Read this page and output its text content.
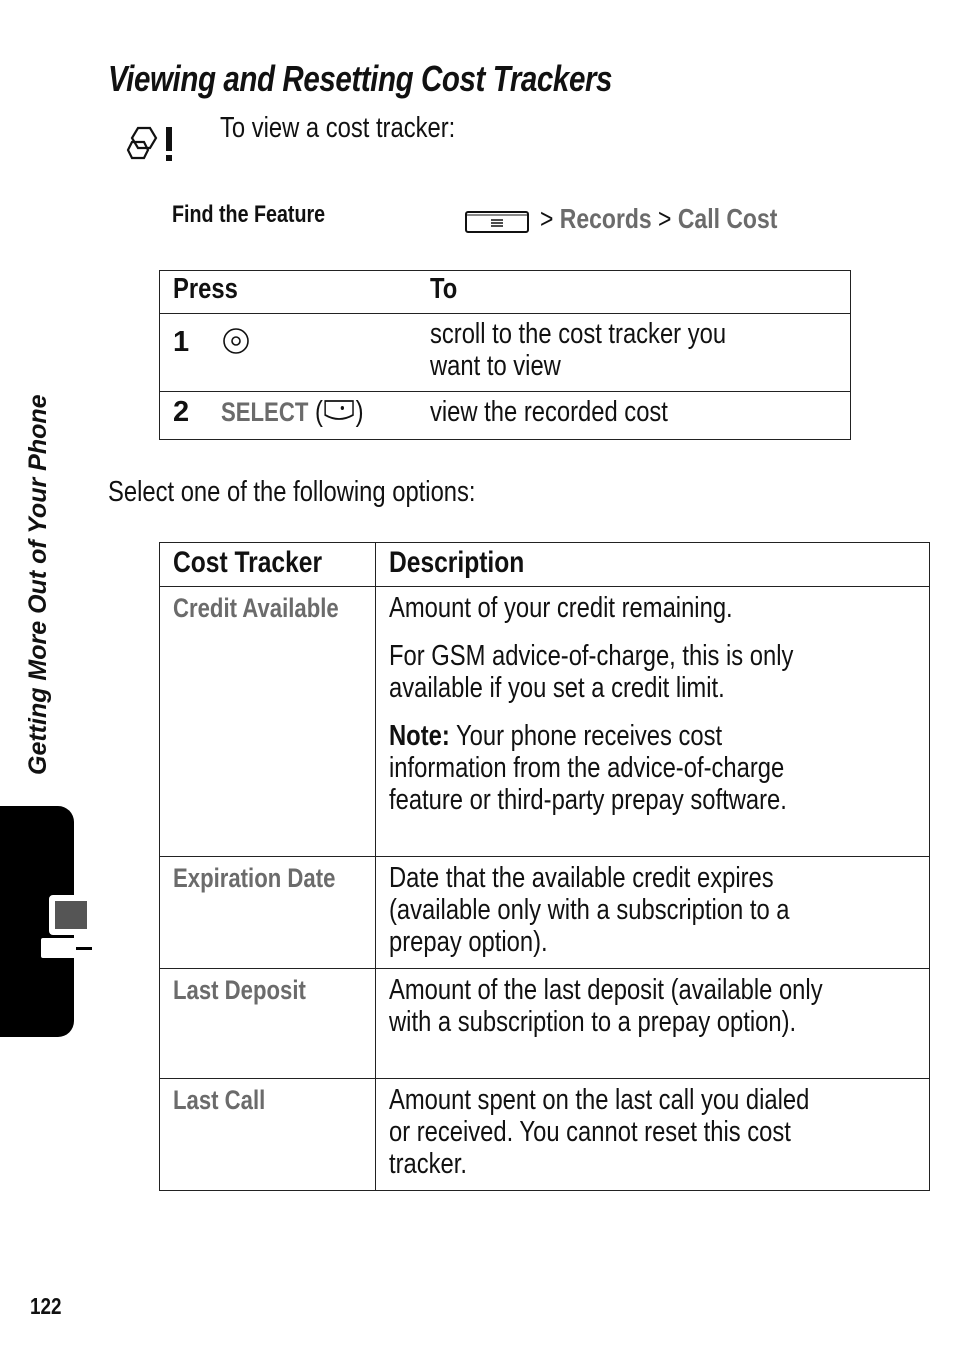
Viewing and Resetting Cost Trackers
To view a cost tracker:
Find the Feature	> Records > Call Cost
Press	To
1	scroll to the cost tracker you want to view

2 SELECT ( )	view the recorded cost
Select one of the following options:
Cost Tracker	Description
Credit Available	Amount of your credit remaining.

For GSM advice-of-charge, this is only available if you set a credit limit.

Note: Your phone receives cost information from the advice-of-charge feature or third-party prepay software.

Expiration Date	Date that the available credit expires (available only with a subscription to a prepay option).

Last Deposit	Amount of the last deposit (available only with a subscription to a prepay option).

Last Call	Amount spent on the last call you dialed or received. You cannot reset this cost tracker.
Getting More Out of Your Phone
122
